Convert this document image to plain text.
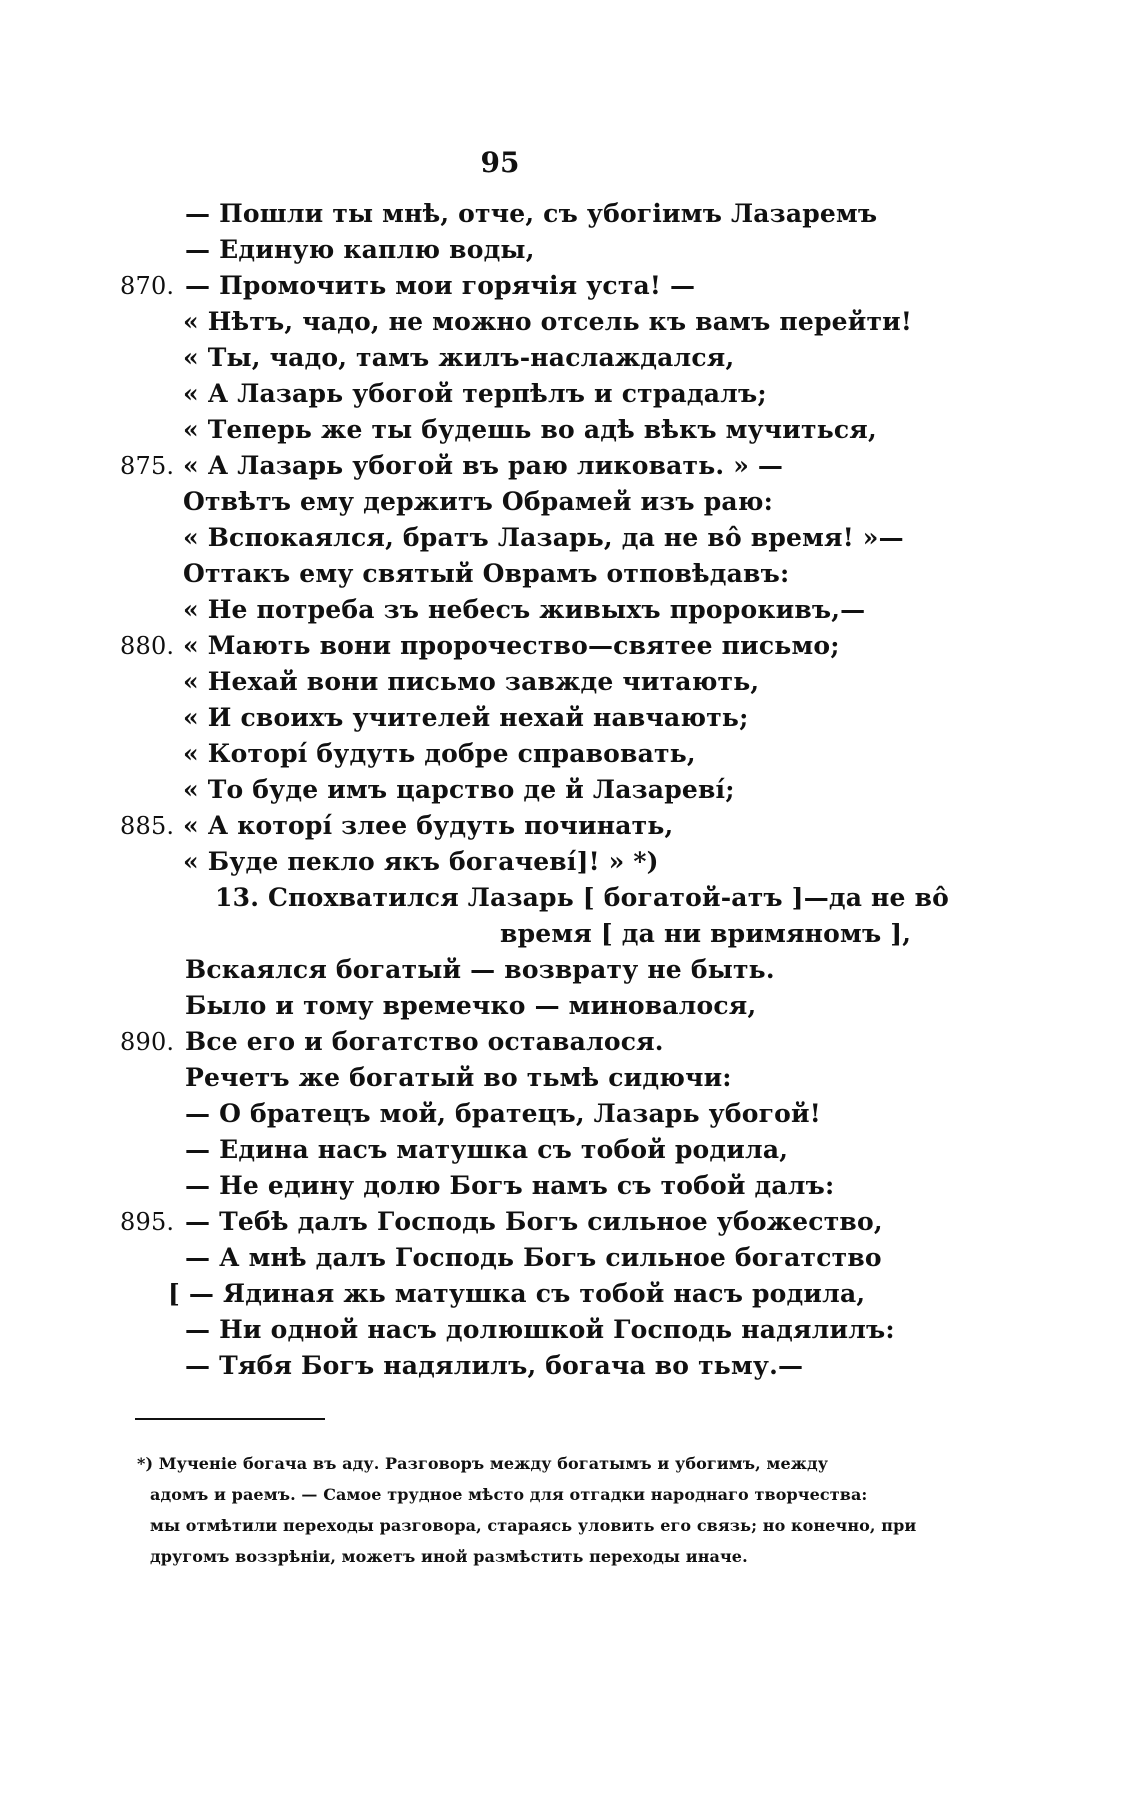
95
— Пошли ты мнѣ, отче, съ убогіимъ Лазаремъ
— Единую каплю воды,
870. — Промочить мои горячія уста! —
« Нѣтъ, чадо, не можно отсель къ вамъ перейти!
« Ты, чадо, тамъ жилъ-наслаждался,
« А Лазарь убогой терпѣлъ и страдалъ;
« Теперь же ты будешь во адѣ вѣкъ мучиться,
875. « А Лазарь убогой въ раю ликовать. » —
Отвѣтъ ему держитъ Обрамей изъ раю:
« Вспокаялся, братъ Лазарь, да не вô время! »—
Оттакъ ему святый Оврамъ отповѣдавъ:
« Не потреба зъ небесъ живыхъ пророкивъ,—
880. « Мають вони пророчество—святее письмо;
« Нехай вони письмо завжде читають,
« И своихъ учителей нехай навчають;
« Которí будуть добре справовать,
« То буде имъ царство де й Лазаревí;
885. « А которí злее будуть починать,
« Буде пекло якъ богачевí]! » *)
13. Спохватился Лазарь [ богатой-атъ ]—да не вô
время [ да ни вримяномъ ],
Вскаялся богатый — возврату не быть.
Было и тому времечко — миновалося,
890. Все его и богатство оставалося.
Речетъ же богатый во тьмѣ сидючи:
— О братецъ мой, братецъ, Лазарь убогой!
— Едина насъ матушка съ тобой родила,
— Не едину долю Богъ намъ съ тобой далъ:
895. — Тебѣ далъ Господь Богъ сильное убожество,
— А мнѣ далъ Господь Богъ сильное богатство
[ — Ядиная жь матушка съ тобой насъ родила,
— Ни одной насъ долюшкой Господь надялилъ:
— Тябя Богъ надялилъ, богача во тьму.—
*) Мученіе богача въ аду. Разговоръ между богатымъ и убогимъ, между
адомъ и раемъ. — Самое трудное мѣсто для отгадки народнаго творчества:
мы отмѣтили переходы разговора, стараясь уловить его связь; но конечно, при
другомъ воззрѣніи, можетъ иной размѣстить переходы иначе.
